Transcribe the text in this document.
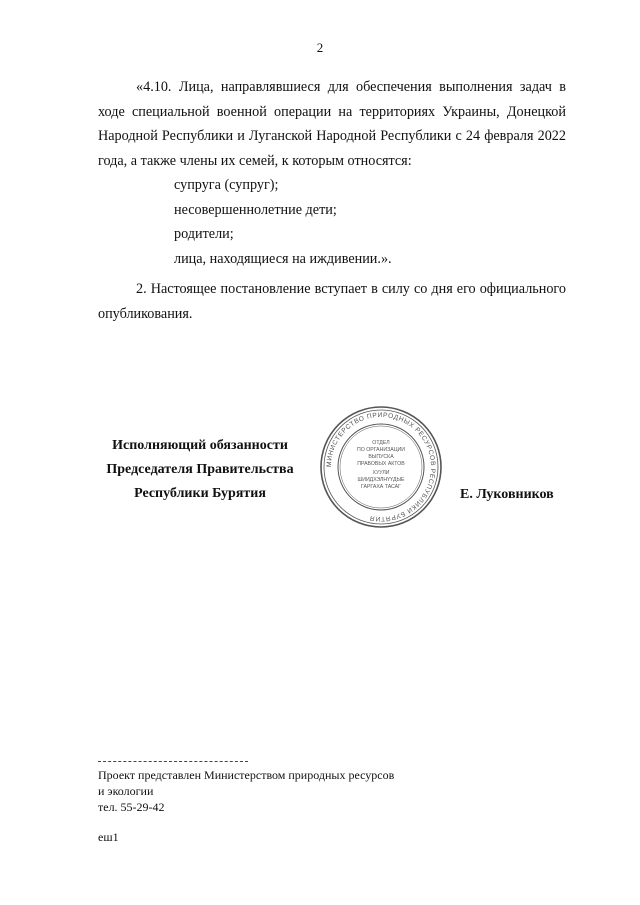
2

«4.10. Лица, направлявшиеся для обеспечения выполнения задач в ходе специальной военной операции на территориях Украины, Донецкой Народной Республики и Луганской Народной Республики с 24 февраля 2022 года, а также члены их семей, к которым относятся:

супруга (супруг);

несовершеннолетние дети;

родители;

лица, находящиеся на иждивении.».

2. Настоящее постановление вступает в силу со дня его официального опубликования.

Исполняющий обязанности
Председателя Правительства
Республики Бурятия
МИНИСТЕРСТВО ПРИРОДНЫХ РЕСУРСОВ РЕСПУБЛИКИ БУРЯТИЯ
ОТДЕЛ
ПО ОРГАНИЗАЦИИ
ВЫПУСКА
ПРАВОВЫХ АКТОВ
ХУУЛИ
ШИИДХЭЛНҮҮДЫЕ
ГАРГАХА ТАСАГ	Е. Луковников
Проект представлен Министерством природных ресурсов
и экологии
тел. 55-29-42
еш1
